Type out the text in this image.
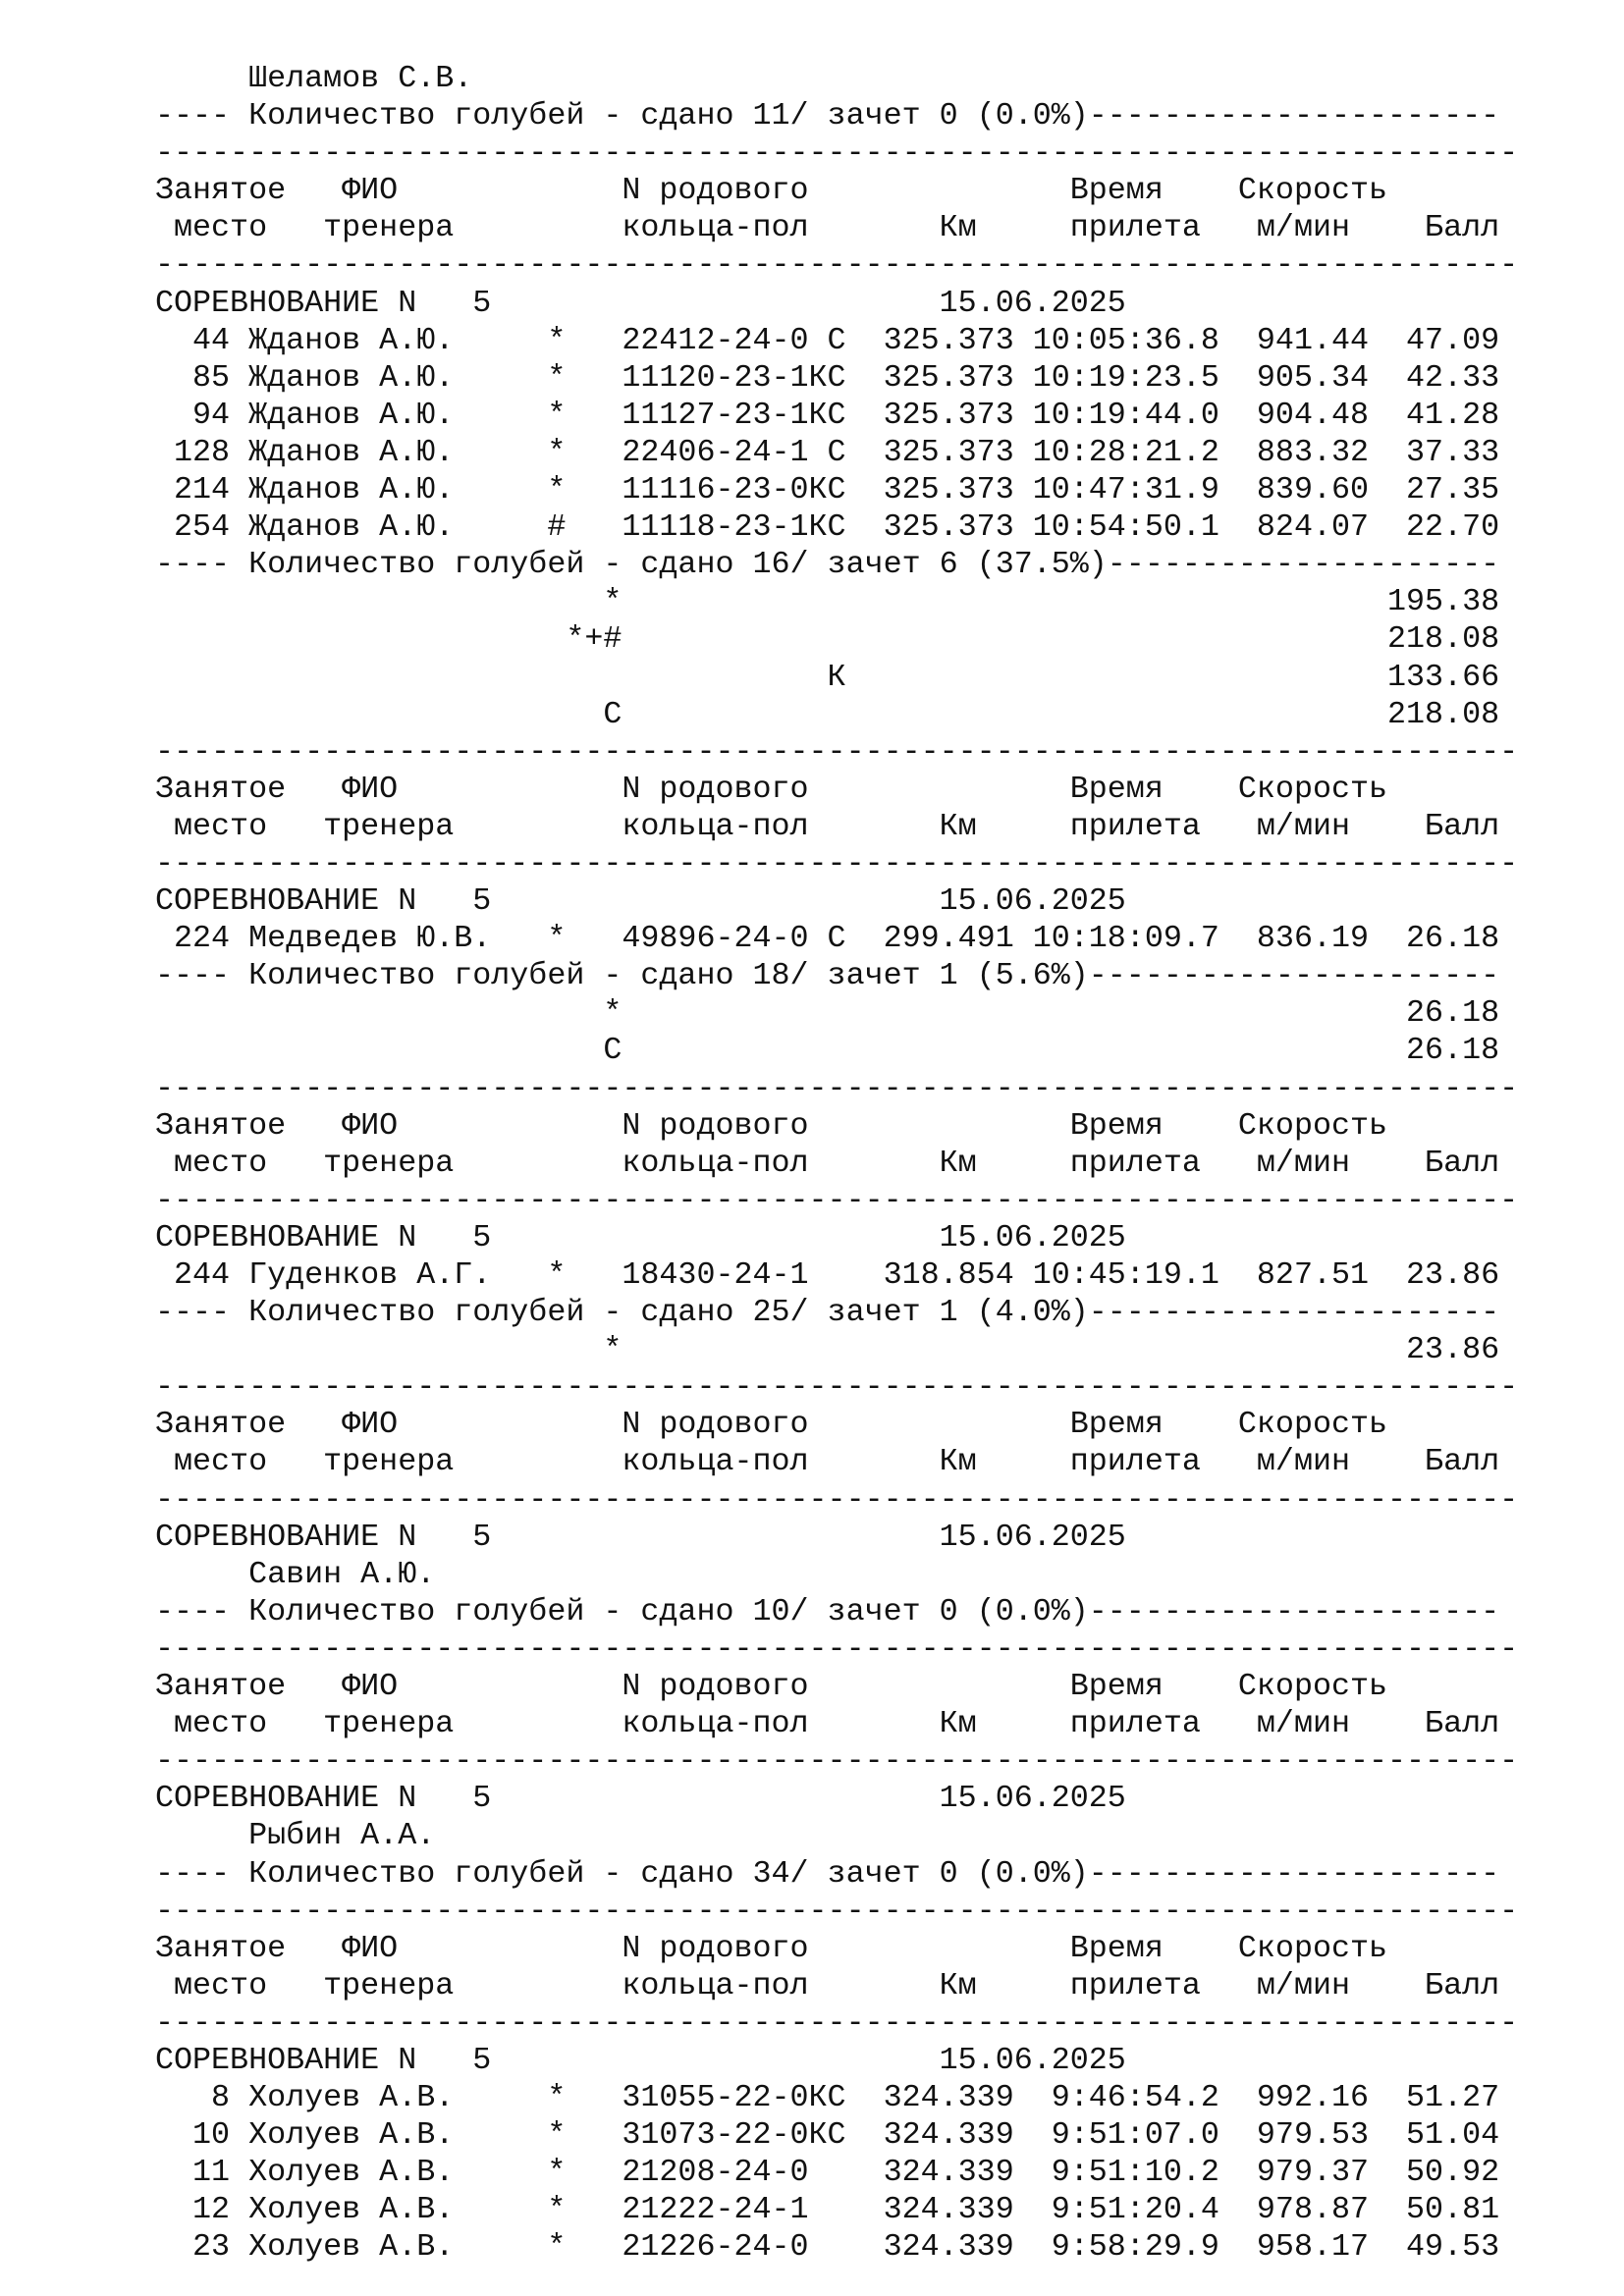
Шеламов С.В.
---- Количество голубей - сдано 11/ зачет 0 (0.0%)----------------------
-------------------------------------------------------------------------
Занятое   ФИО            N родового              Время    Скорость
место   тренера         кольца-пол       Км     прилета   м/мин    Балл
-------------------------------------------------------------------------
СОРЕВНОВАНИЕ N   5                        15.06.2025
44 Жданов А.Ю.     *   22412-24-0 С  325.373 10:05:36.8  941.44  47.09
85 Жданов А.Ю.     *   11120-23-1КС  325.373 10:19:23.5  905.34  42.33
94 Жданов А.Ю.     *   11127-23-1КС  325.373 10:19:44.0  904.48  41.28
128 Жданов А.Ю.     *   22406-24-1 С  325.373 10:28:21.2  883.32  37.33
214 Жданов А.Ю.     *   11116-23-0КС  325.373 10:47:31.9  839.60  27.35
254 Жданов А.Ю.     #   11118-23-1КС  325.373 10:54:50.1  824.07  22.70
---- Количество голубей - сдано 16/ зачет 6 (37.5%)---------------------
*                                         195.38
*+#                                         218.08
К                             133.66
С                                         218.08
-------------------------------------------------------------------------
Занятое   ФИО            N родового              Время    Скорость
место   тренера         кольца-пол       Км     прилета   м/мин    Балл
-------------------------------------------------------------------------
СОРЕВНОВАНИЕ N   5                        15.06.2025
224 Медведев Ю.В.   *   49896-24-0 С  299.491 10:18:09.7  836.19  26.18
---- Количество голубей - сдано 18/ зачет 1 (5.6%)----------------------
*                                          26.18
С                                          26.18
-------------------------------------------------------------------------
Занятое   ФИО            N родового              Время    Скорость
место   тренера         кольца-пол       Км     прилета   м/мин    Балл
-------------------------------------------------------------------------
СОРЕВНОВАНИЕ N   5                        15.06.2025
244 Гуденков А.Г.   *   18430-24-1    318.854 10:45:19.1  827.51  23.86
---- Количество голубей - сдано 25/ зачет 1 (4.0%)----------------------
*                                          23.86
-------------------------------------------------------------------------
Занятое   ФИО            N родового              Время    Скорость
место   тренера         кольца-пол       Км     прилета   м/мин    Балл
-------------------------------------------------------------------------
СОРЕВНОВАНИЕ N   5                        15.06.2025
Савин А.Ю.
---- Количество голубей - сдано 10/ зачет 0 (0.0%)----------------------
-------------------------------------------------------------------------
Занятое   ФИО            N родового              Время    Скорость
место   тренера         кольца-пол       Км     прилета   м/мин    Балл
-------------------------------------------------------------------------
СОРЕВНОВАНИЕ N   5                        15.06.2025
Рыбин А.А.
---- Количество голубей - сдано 34/ зачет 0 (0.0%)----------------------
-------------------------------------------------------------------------
Занятое   ФИО            N родового              Время    Скорость
место   тренера         кольца-пол       Км     прилета   м/мин    Балл
-------------------------------------------------------------------------
СОРЕВНОВАНИЕ N   5                        15.06.2025
8 Холуев А.В.     *   31055-22-0КС  324.339  9:46:54.2  992.16  51.27
10 Холуев А.В.     *   31073-22-0КС  324.339  9:51:07.0  979.53  51.04
11 Холуев А.В.     *   21208-24-0    324.339  9:51:10.2  979.37  50.92
12 Холуев А.В.     *   21222-24-1    324.339  9:51:20.4  978.87  50.81
23 Холуев А.В.     *   21226-24-0    324.339  9:58:29.9  958.17  49.53
